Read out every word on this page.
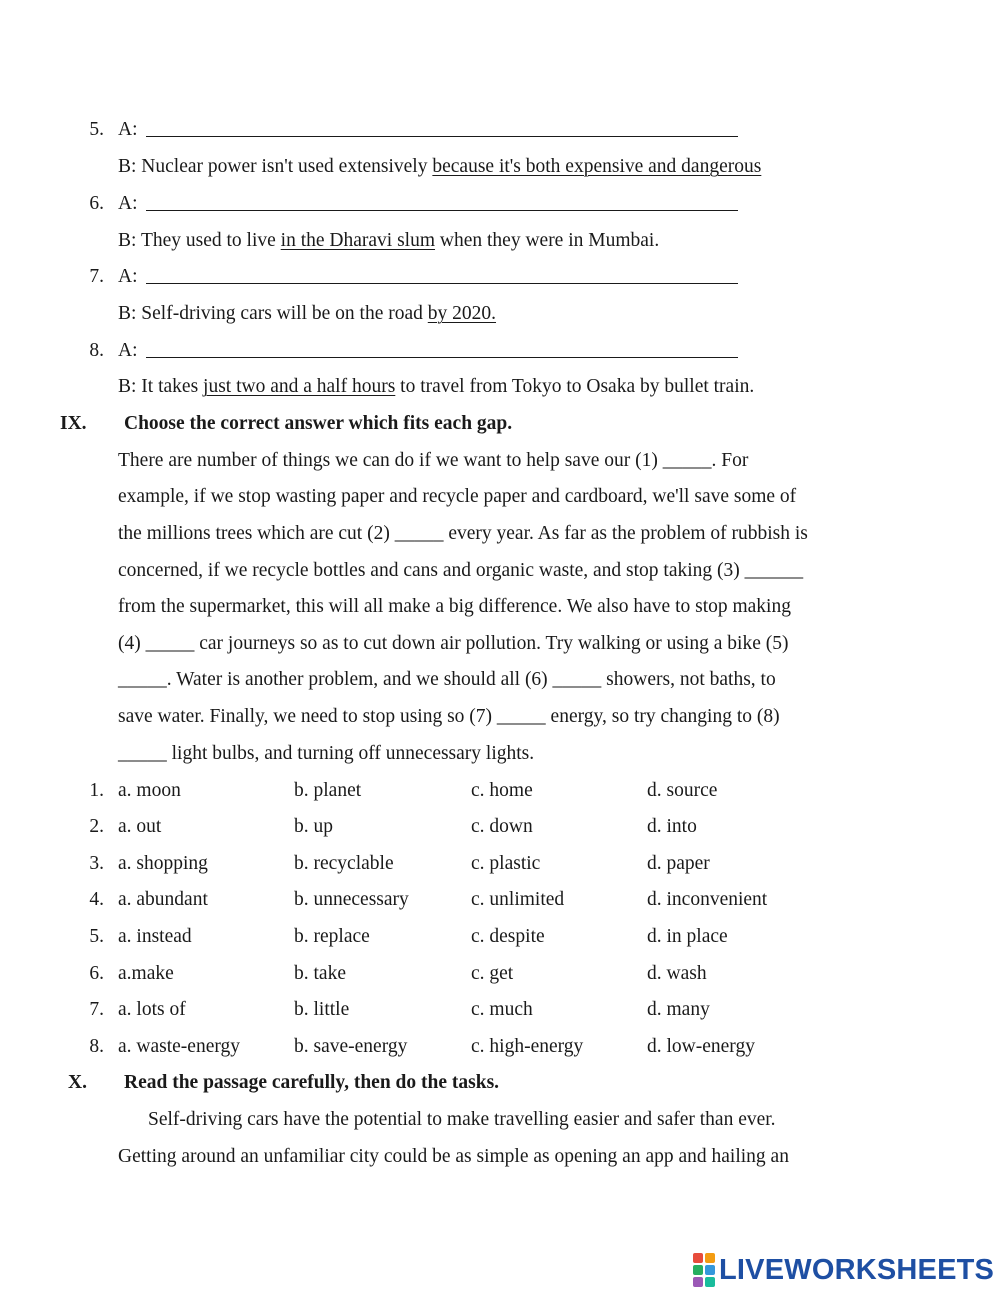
5. A:
B: Nuclear power isn't used extensively because it's both expensive and dangerous
6. A:
B: They used to live in the Dharavi slum when they were in Mumbai.
7. A:
B: Self-driving cars will be on the road by 2020.
8. A:
B: It takes just two and a half hours to travel from Tokyo to Osaka by bullet train.
IX. Choose the correct answer which fits each gap.
There are number of things we can do if we want to help save our (1) _____. For
example, if we stop wasting paper and recycle paper and cardboard, we'll save some of
the millions trees which are cut (2) _____ every year. As far as the problem of rubbish is
concerned, if we recycle bottles and cans and organic waste, and stop taking (3) ______
from the supermarket, this will all make a big difference. We also have to stop making
(4) _____ car journeys so as to cut down air pollution. Try walking or using a bike (5)
_____. Water is another problem, and we should all (6) _____ showers, not baths, to
save water. Finally, we need to stop using so (7) _____ energy, so try changing to (8)
_____ light bulbs, and turning off unnecessary lights.
1. a. moon	b. planet	c. home	d. source
2. a. out	b. up	c. down	d. into
3. a. shopping	b. recyclable	c. plastic	d. paper
4. a. abundant	b. unnecessary	c. unlimited	d. inconvenient
5. a. instead	b. replace	c. despite	d. in place
6. a.make	b. take	c. get	d. wash
7. a. lots of	b. little	c. much	d. many
8. a. waste-energy	b. save-energy	c. high-energy	d. low-energy
X. Read the passage carefully, then do the tasks.
Self-driving cars have the potential to make travelling easier and safer than ever.
Getting around an unfamiliar city could be as simple as opening an app and hailing an
LIVEWORKSHEETS
